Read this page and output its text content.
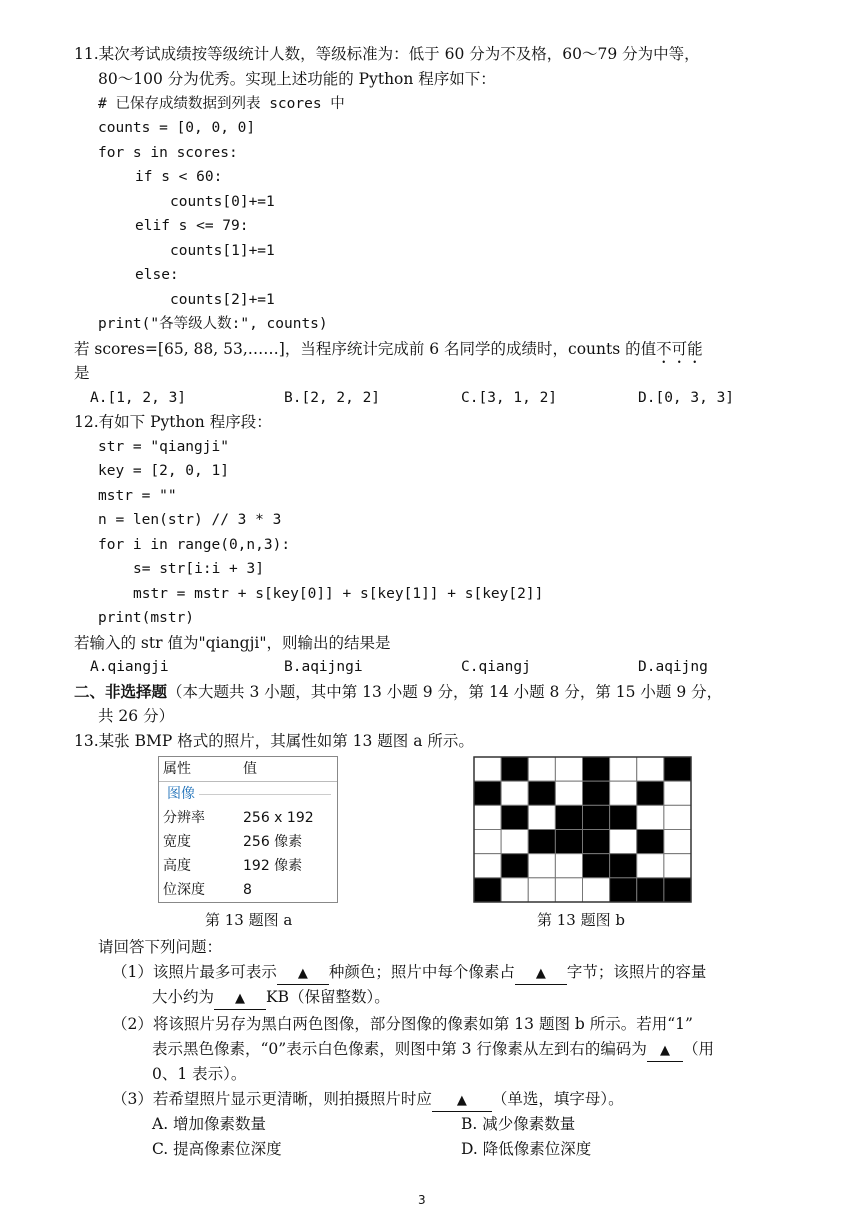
11.某次考试成绩按等级统计人数，等级标准为：低于 60 分为不及格，60～79 分为中等，
80～100 分为优秀。实现上述功能的 Python 程序如下：
# 已保存成绩数据到列表 scores 中
counts = [0, 0, 0]
for s in scores:
if s < 60:
counts[0]+=1
elif s <= 79:
counts[1]+=1
else:
counts[2]+=1
print("各等级人数:", counts)
若 scores=[65, 88, 53,……]，当程序统计完成前 6 名同学的成绩时，counts 的值不可能
是
A.[1, 2, 3]	B.[2, 2, 2]	C.[3, 1, 2]	D.[0, 3, 3]
12.有如下 Python 程序段：
str = "qiangji"
key = [2, 0, 1]
mstr = ""
n = len(str) // 3 * 3
for i in range(0,n,3):
s= str[i:i + 3]
mstr = mstr + s[key[0]] + s[key[1]] + s[key[2]]
print(mstr)
若输入的 str 值为"qiangji"，则输出的结果是
A.qiangji	B.aqijngi	C.qiangj	D.aqijng
二、非选择题（本大题共 3 小题，其中第 13 小题 9 分，第 14 小题 8 分，第 15 小题 9 分，
共 26 分）
13.某张 BMP 格式的照片，其属性如第 13 题图 a 所示。
属性	值
图像
分辨率	256 x 192
宽度	256 像素
高度	192 像素
位深度	8
第 13 题图 a	第 13 题图 b
请回答下列问题：
（1）该照片最多可表示 ▲ 种颜色；照片中每个像素占 ▲ 字节；该照片的容量
大小约为 ▲ KB（保留整数）。
（2）将该照片另存为黑白两色图像，部分图像的像素如第 13 题图 b 所示。若用“1”
表示黑色像素，“0”表示白色像素，则图中第 3 行像素从左到右的编码为 ▲ （用
0、1 表示）。
（3）若希望照片显示更清晰，则拍摄照片时应 ▲ （单选，填字母）。
A. 增加像素数量	B. 减少像素数量
C. 提高像素位深度	D. 降低像素位深度
3
